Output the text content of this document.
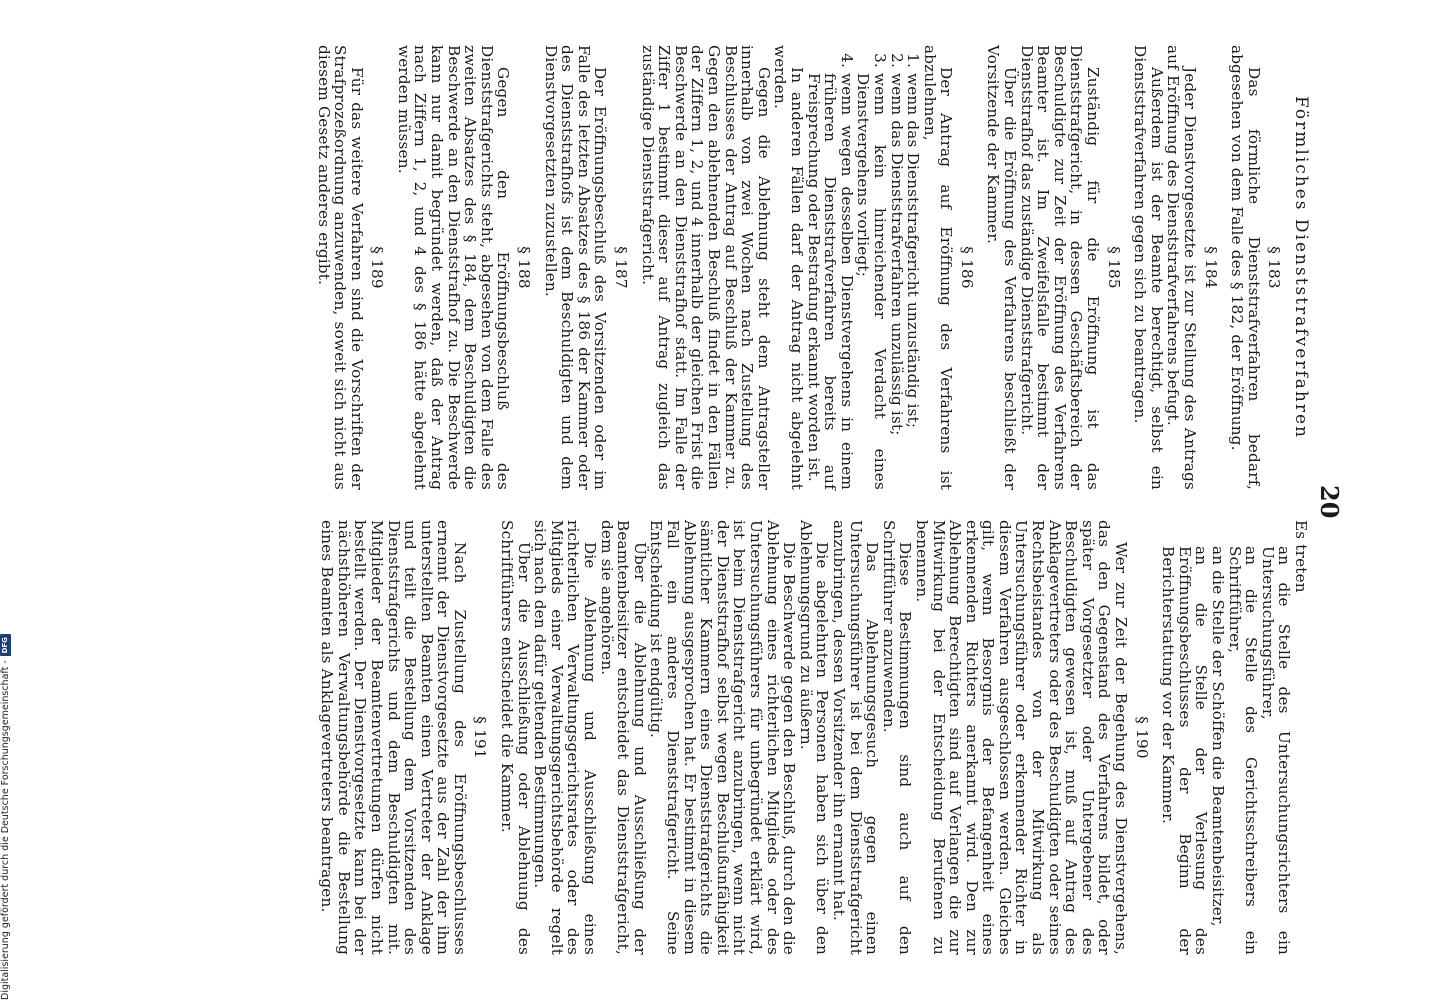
20
Förmliches Dienststrafverfahren
§ 183

Das förmliche Dienststrafverfahren bedarf, abgesehen von dem Falle des § 182, der Eröffnung.

§ 184

Jeder Dienstvorgesetzte ist zur Stellung des Antrags auf Eröffnung des Dienststrafverfahrens befugt.

Außerdem ist der Beamte berechtigt, selbst ein Dienststrafverfahren gegen sich zu beantragen.

§ 185

Zuständig für die Eröffnung ist das Dienststrafgericht, in dessen Geschäftsbereich der Beschuldigte zur Zeit der Eröffnung des Verfahrens Beamter ist. Im Zweifelsfalle bestimmt der Dienststrafhof das zuständige Dienststrafgericht.

Über die Eröffnung des Verfahrens beschließt der Vorsitzende der Kammer.

§ 186

Der Antrag auf Eröffnung des Verfahrens ist abzulehnen,

1. wenn das Dienststrafgericht unzuständig ist;
2. wenn das Dienststrafverfahren unzulässig ist;
3. wenn kein hinreichender Verdacht eines Dienstvergehens vorliegt;
4. wenn wegen desselben Dienstvergehens in einem früheren Dienststrafverfahren bereits auf Freisprechung oder Bestrafung erkannt worden ist.

In anderen Fällen darf der Antrag nicht abgelehnt werden.

Gegen die Ablehnung steht dem Antragsteller innerhalb von zwei Wochen nach Zustellung des Beschlusses der Antrag auf Beschluß der Kammer zu. Gegen den ablehnenden Beschluß findet in den Fällen der Ziffern 1, 2, und 4 innerhalb der gleichen Frist die Beschwerde an den Dienststrafhof statt. Im Falle der Ziffer 1 bestimmt dieser auf Antrag zugleich das zuständige Dienststrafgericht.

§ 187

Der Eröffnungsbeschluß des Vorsitzenden oder im Falle des letzten Absatzes des § 186 der Kammer oder des Dienststrafhofs ist dem Beschuldigten und dem Dienstvorgesetzten zuzustellen.

§ 188

Gegen den Eröffnungsbeschluß des Dienststrafgerichts steht, abgesehen von dem Falle des zweiten Absatzes des § 184, dem Beschuldigten die Beschwerde an den Dienststrafhof zu. Die Beschwerde kann nur damit begründet werden, daß der Antrag nach Ziffern 1, 2, und 4 des § 186 hätte abgelehnt werden müssen.

§ 189

Für das weitere Verfahren sind die Vorschriften der Strafprozeßordnung anzuwenden, soweit sich nicht aus diesem Gesetz anderes ergibt.

Es treten

an die Stelle des Untersuchungsrichters ein Untersuchungsführer,

an die Stelle des Gerichtsschreibers ein Schriftführer,

an die Stelle der Schöffen die Beamtenbeisitzer,

an die Stelle der Verlesung des Eröffnungsbeschlusses der Beginn der Berichterstattung vor der Kammer.

§ 190

Wer zur Zeit der Begehung des Dienstvergehens, das den Gegenstand des Verfahrens bildet, oder später Vorgesetzter oder Untergebener des Beschuldigten gewesen ist, muß auf Antrag des Anklagevertreters oder des Beschuldigten oder seines Rechtsbeistandes von der Mitwirkung als Untersuchungsführer oder erkennender Richter in diesem Verfahren ausgeschlossen werden. Gleiches gilt, wenn Besorgnis der Befangenheit eines erkennenden Richters anerkannt wird. Den zur Ablehnung Berechtigten sind auf Verlangen die zur Mitwirkung bei der Entscheidung Berufenen zu benennen.

Diese Bestimmungen sind auch auf den Schriftführer anzuwenden.

Das Ablehnungsgesuch gegen einen Untersuchungsführer ist bei dem Dienststrafgericht anzubringen, dessen Vorsitzender ihn ernannt hat.

Die abgelehnten Personen haben sich über den Ablehnungsgrund zu äußern.

Die Beschwerde gegen den Beschluß, durch den die Ablehnung eines richterlichen Mitglieds oder des Untersuchungsführers für unbegründet erklärt wird, ist beim Dienststrafgericht anzubringen, wenn nicht der Dienststrafhof selbst wegen Beschlußunfähigkeit sämtlicher Kammern eines Dienststrafgerichts die Ablehnung ausgesprochen hat. Er bestimmt in diesem Fall ein anderes Dienststrafgericht. Seine Entscheidung ist endgültig.

Über die Ablehnung und Ausschließung der Beamtenbeisitzer entscheidet das Dienststrafgericht, dem sie angehören.

Die Ablehnung und Ausschließung eines richterlichen Verwaltungsgerichtsrates oder des Mitglieds einer Verwaltungsgerichtsbehörde regelt sich nach den dafür geltenden Bestimmungen.

Über die Ausschließung oder Ablehnung des Schriftführers entscheidet die Kammer.

§ 191

Nach Zustellung des Eröffnungsbeschlusses ernennt der Dienstvorgesetzte aus der Zahl der ihm unterstellten Beamten einen Vertreter der Anklage und teilt die Bestellung dem Vorsitzenden des Dienststrafgerichts und dem Beschuldigten mit. Mitglieder der Beamtenvertretungen dürfen nicht bestellt werden. Der Dienstvorgesetzte kann bei der nächsthöheren Verwaltungsbehörde die Bestellung eines Beamten als Anklagevertreters beantragen.

Digitalisierung gefördert durch die Deutsche Forschungsgemeinschaft -
DFG
